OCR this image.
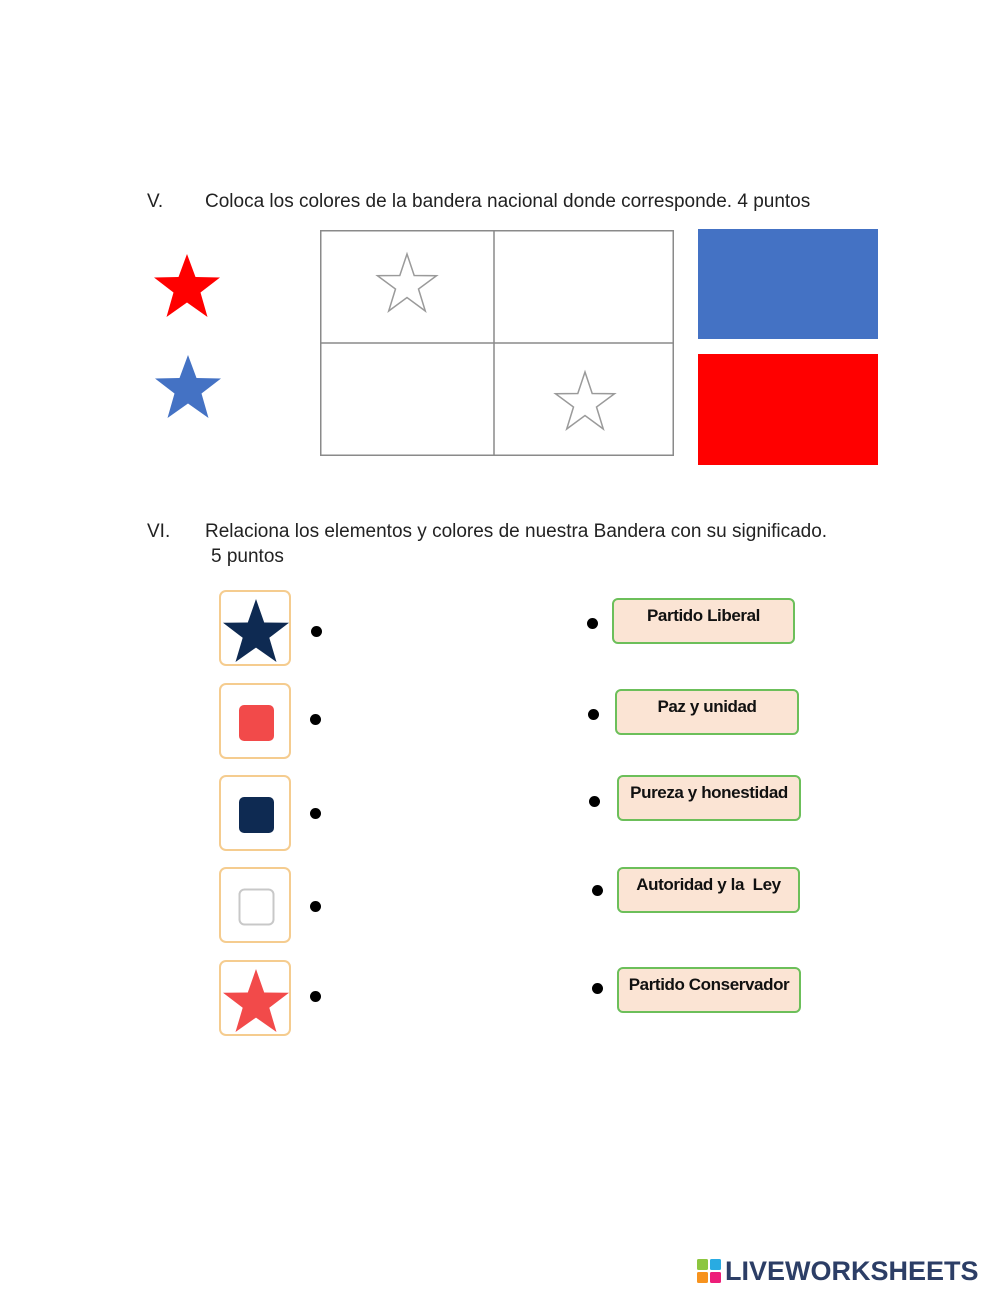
V. Coloca los colores de la bandera nacional donde corresponde. 4 puntos
VI. Relaciona los elementos y colores de nuestra Bandera con su significado.
5 puntos
Partido Liberal
Paz y unidad
Pureza y honestidad
Autoridad y la  Ley
Partido Conservador
LIVEWORKSHEETS
